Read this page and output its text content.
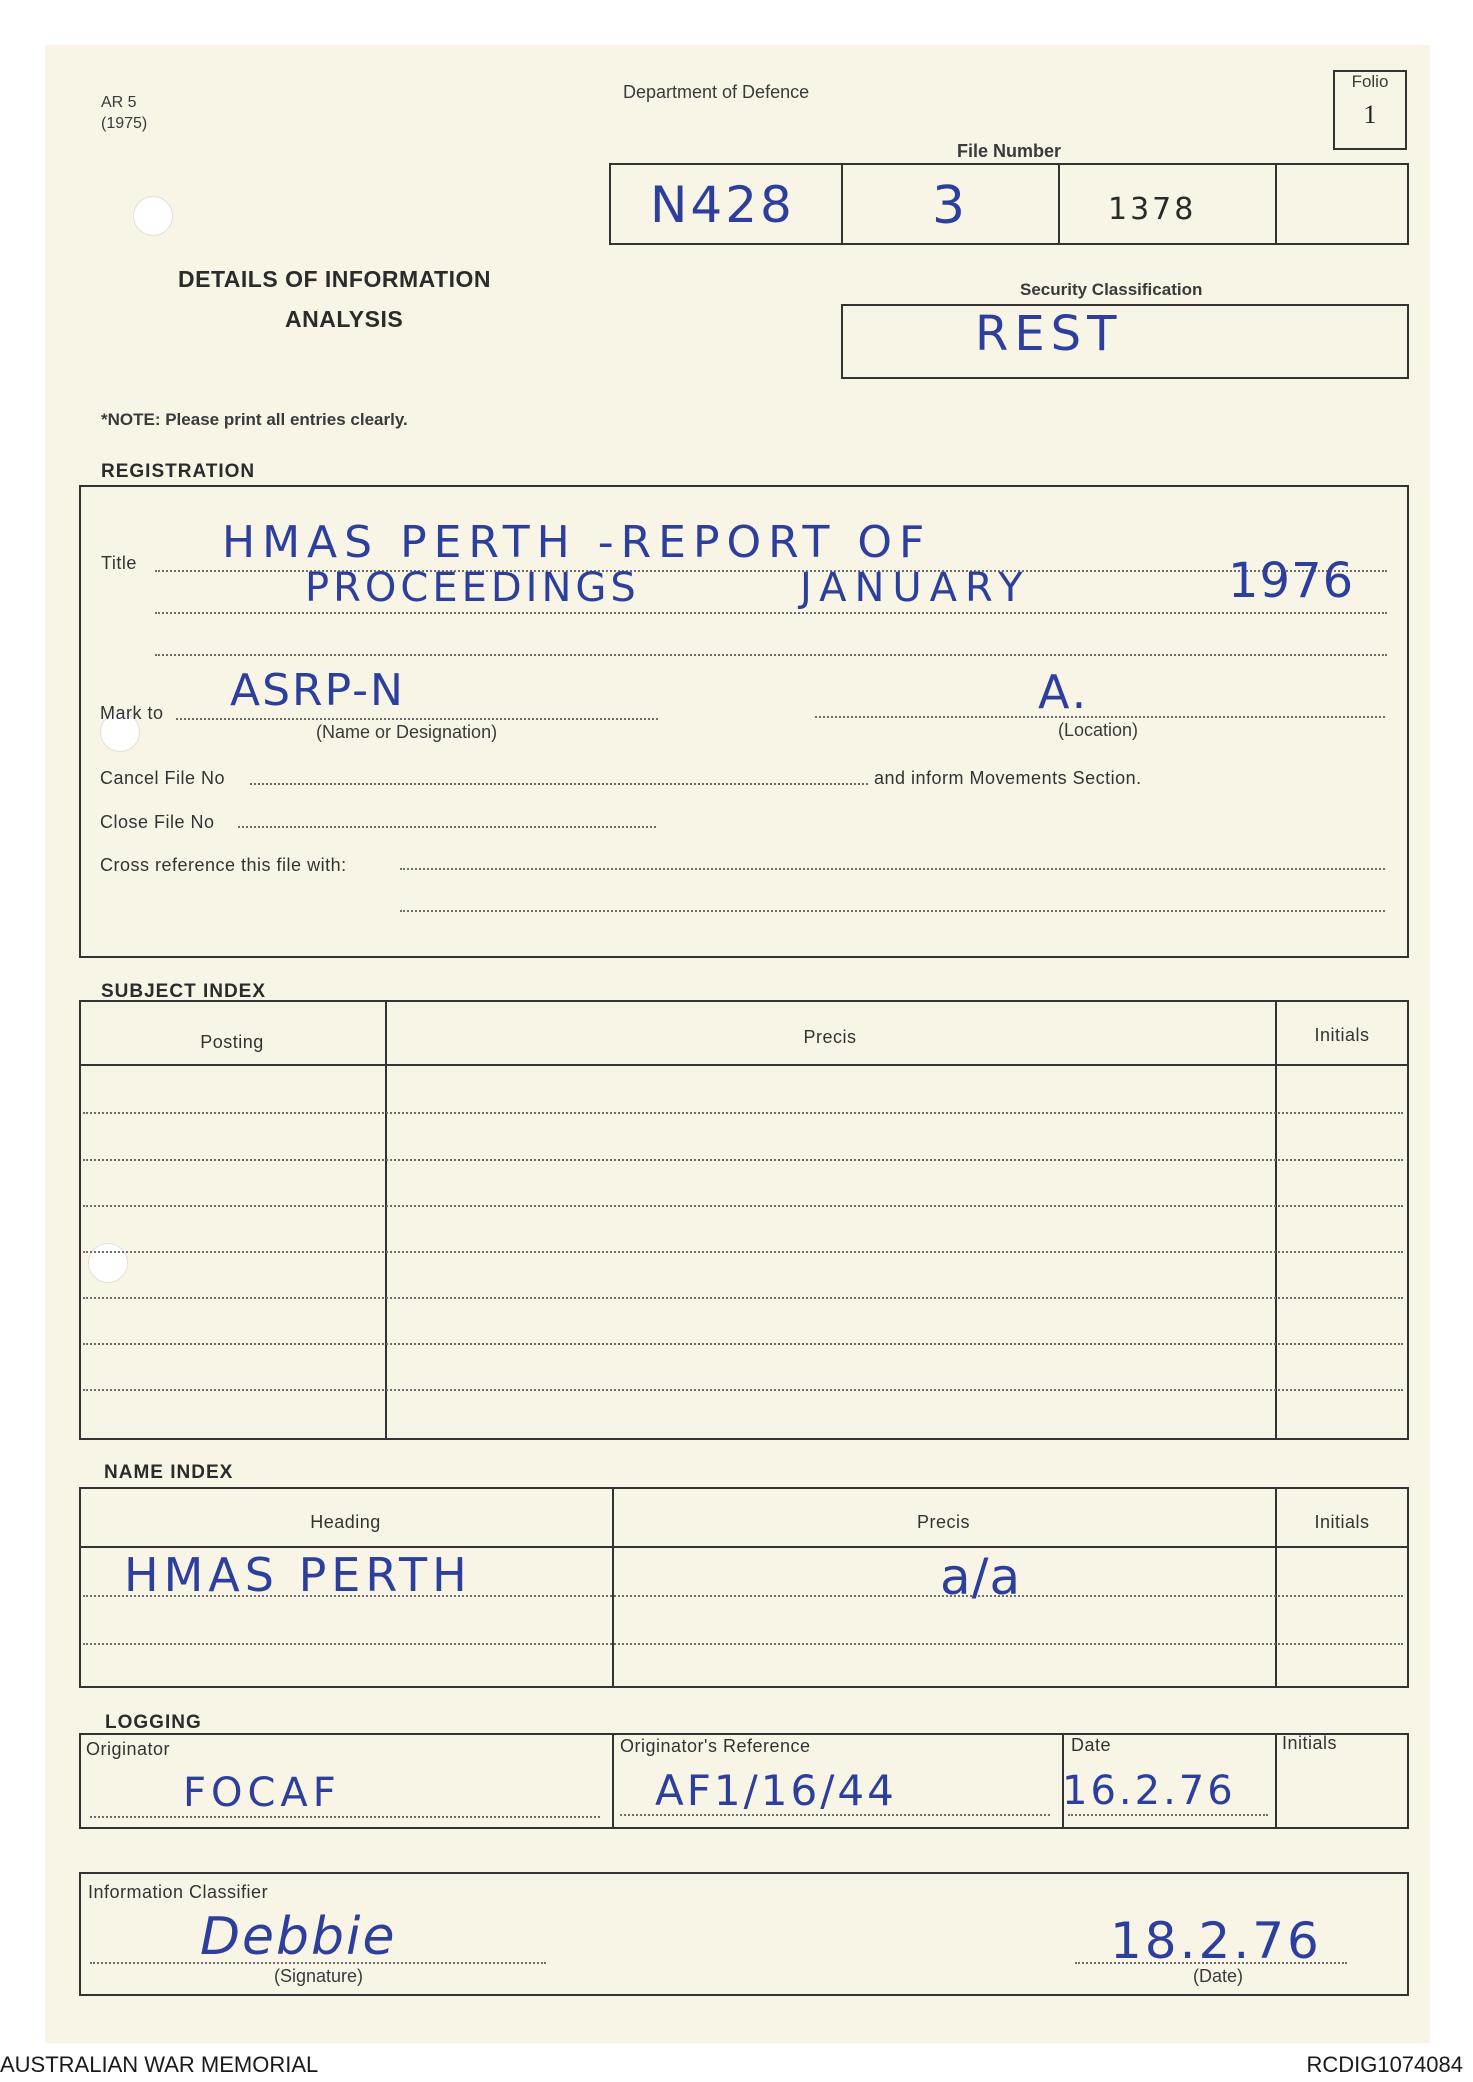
AR 5
(1975)
Department of Defence
Folio
1
File Number
N428	3	1378
DETAILS OF INFORMATION
ANALYSIS
Security Classification
REST
*NOTE: Please print all entries clearly.
REGISTRATION
Title HMAS PERTH -REPORT OF
PROCEEDINGS	JANUARY	1976
Mark to ASRP-N
(Name or Designation)
A.
(Location)
Cancel File No	and inform Movements Section.
Close File No
Cross reference this file with:
SUBJECT INDEX
Posting	Precis	Initials
NAME INDEX
Heading	Precis	Initials
HMAS PERTH	a/a
LOGGING
Originator	Originator's Reference	Date	Initials
FOCAF	AF1/16/44	16.2.76
Information Classifier
Debbie
(Signature)
18.2.76
(Date)
AUSTRALIAN WAR MEMORIAL	RCDIG1074084
